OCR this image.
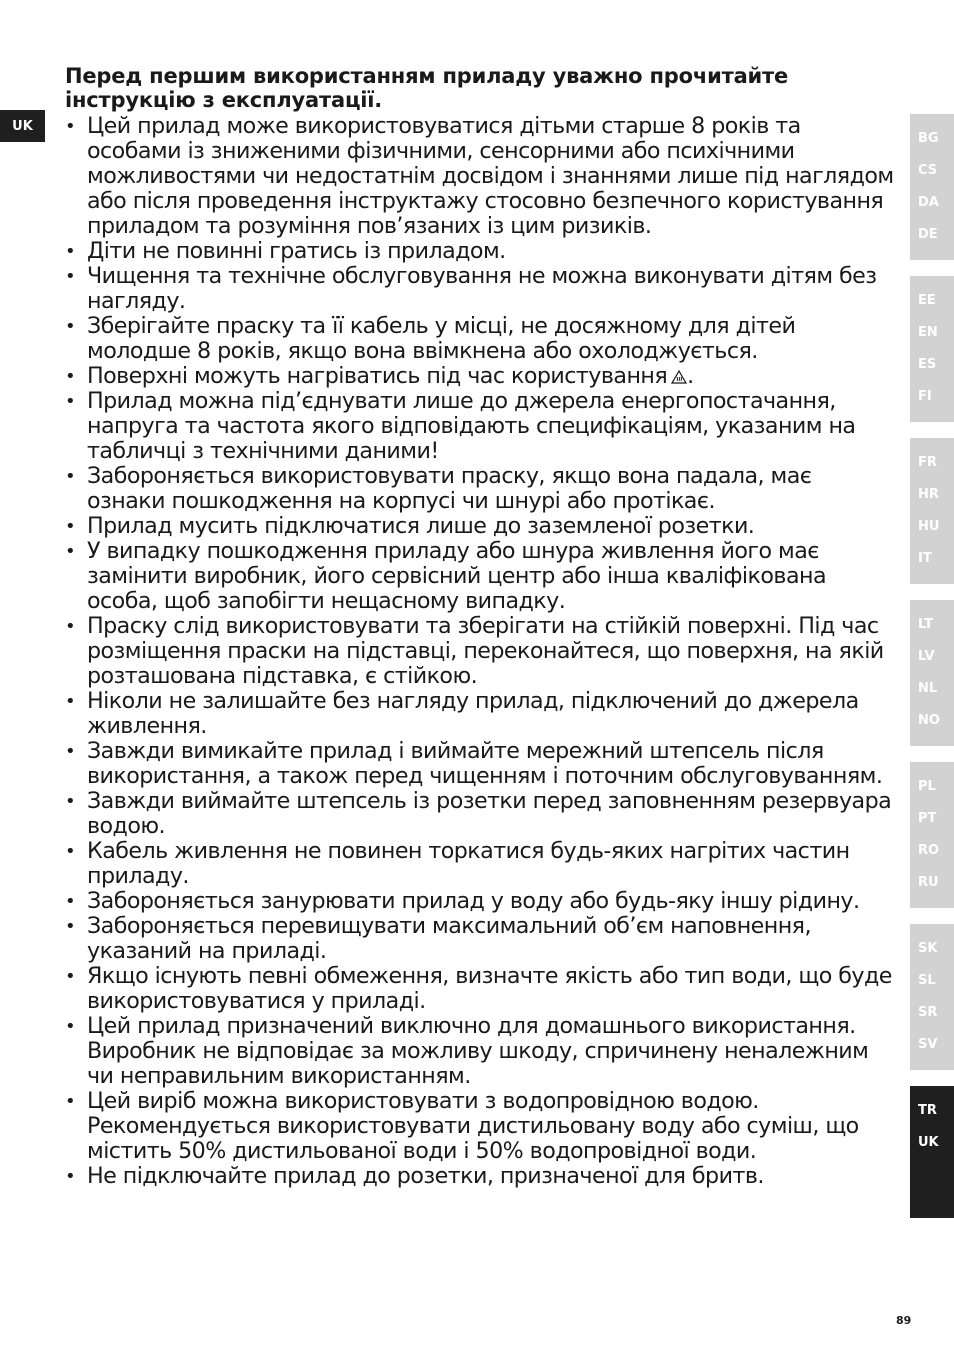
UK
Перед першим використанням приладу уважно прочитайте інструкцію з експлуатації.
• Цей прилад може використовуватися дітьми старше 8 років та особами із зниженими фізичними, сенсорними або психічними можливостями чи недостатнім досвідом і знаннями лише під наглядом або після проведення інструктажу стосовно безпечного користування приладом та розуміння пов’язаних із цим ризиків.
• Діти не повинні гратись із приладом.
• Чищення та технічне обслуговування не можна виконувати дітям без нагляду.
• Зберігайте праску та її кабель у місці, не досяжному для дітей молодше 8 років, якщо вона ввімкнена або охолоджується.
• Поверхні можуть нагріватись під час користування .
• Прилад можна під’єднувати лише до джерела енергопостачання, напруга та частота якого відповідають специфікаціям, указаним на табличці з технічними даними!
• Забороняється використовувати праску, якщо вона падала, має ознаки пошкодження на корпусі чи шнурі або протікає.
• Прилад мусить підключатися лише до заземленої розетки.
• У випадку пошкодження приладу або шнура живлення його має замінити виробник, його сервісний центр або інша кваліфікована особа, щоб запобігти нещасному випадку.
• Праску слід використовувати та зберігати на стійкій поверхні. Під час розміщення праски на підставці, переконайтеся, що поверхня, на якій розташована підставка, є стійкою.
• Ніколи не залишайте без нагляду прилад, підключений до джерела живлення.
• Завжди вимикайте прилад і виймайте мережний штепсель після використання, а також перед чищенням і поточним обслуговуванням.
• Завжди виймайте штепсель із розетки перед заповненням резервуара водою.
• Кабель живлення не повинен торкатися будь-яких нагрітих частин приладу.
• Забороняється занурювати прилад у воду або будь-яку іншу рідину.
• Забороняється перевищувати максимальний об’єм наповнення, указаний на приладі.
• Якщо існують певні обмеження, визначте якість або тип води, що буде використовуватися у приладі.
• Цей прилад призначений виключно для домашнього використання. Виробник не відповідає за можливу шкоду, спричинену неналежним чи неправильним використанням.
• Цей виріб можна використовувати з водопровідною водою. Рекомендується використовувати дистильовану воду або суміш, що містить 50% дистильованої води і 50% водопровідної води.
• Не підключайте прилад до розетки, призначеної для бритв.
BG
CS
DA
DE
EE
EN
ES
FI
FR
HR
HU
IT
LT
LV
NL
NO
PL
PT
RO
RU
SK
SL
SR
SV
TR
UK
89
